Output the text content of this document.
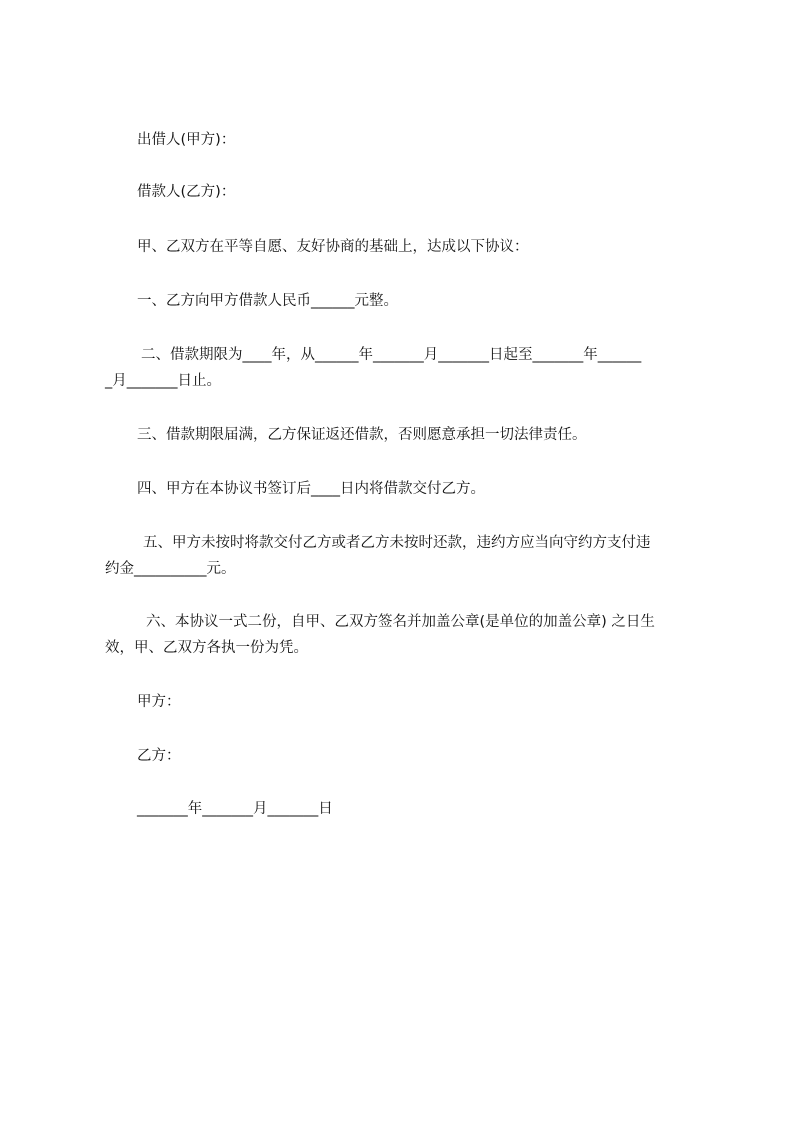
出借人(甲方)：
借款人(乙方)：
甲、乙双方在平等自愿、友好协商的基础上，达成以下协议：
一、乙方向甲方借款人民币______元整。
二、借款期限为____年，从______年_______月_______日起至_______年______
_月_______日止。
三、借款期限届满，乙方保证返还借款，否则愿意承担一切法律责任。
四、甲方在本协议书签订后____日内将借款交付乙方。
五、甲方未按时将款交付乙方或者乙方未按时还款，违约方应当向守约方支付违
约金__________元。
六、本协议一式二份，自甲、乙双方签名并加盖公章(是单位的加盖公章) 之日生
效，甲、乙双方各执一份为凭。
甲方：
乙方：
_______年_______月_______日
